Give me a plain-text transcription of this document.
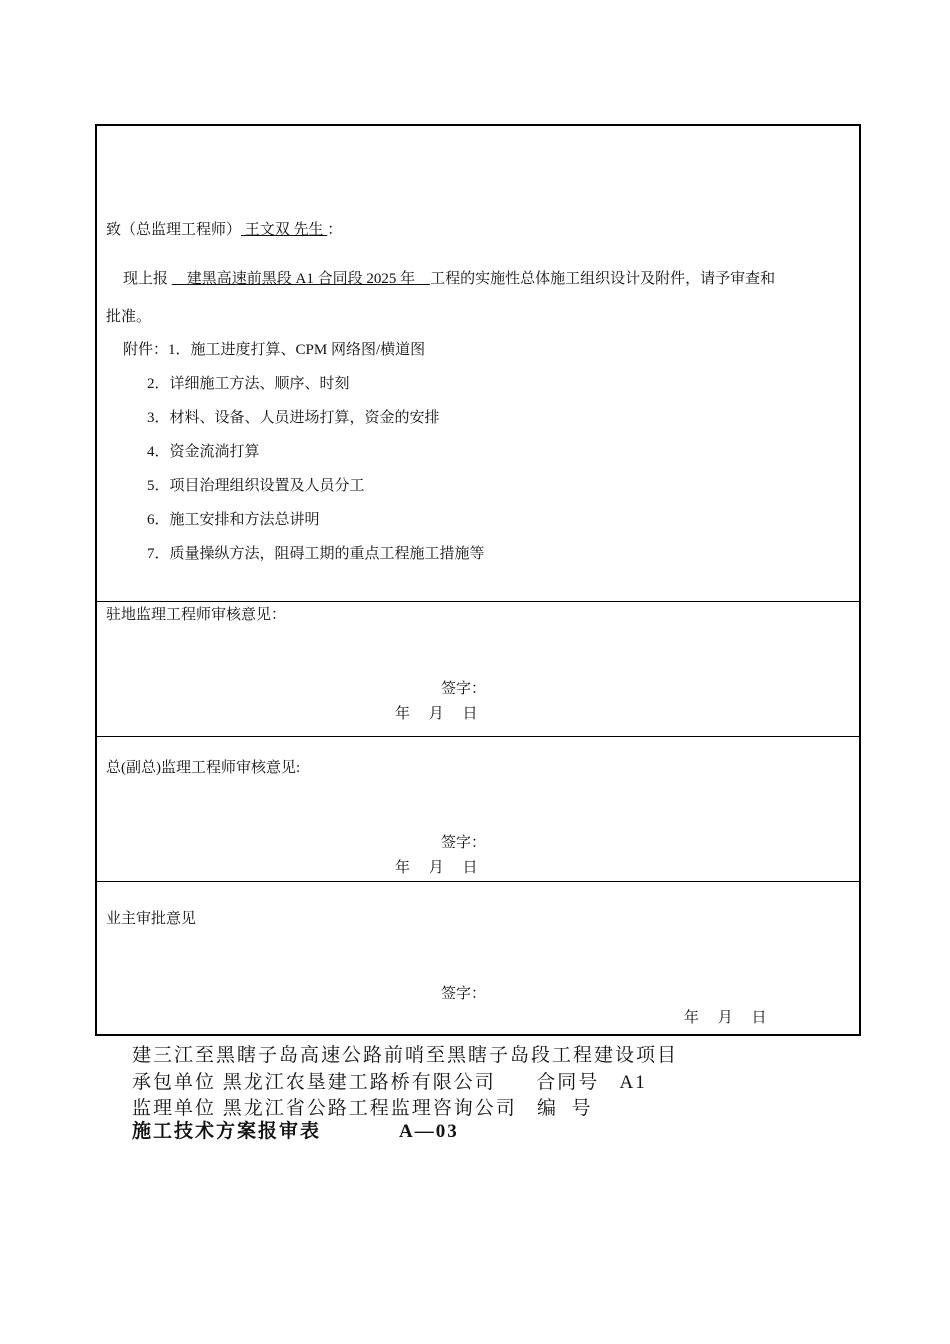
致（总监理工程师） 王文双 先生 ：
现上报     建黑高速前黑段 A1 合同段 2025 年    工程的实施性总体施工组织设计及附件，请予审查和
批准。
附件：1．施工进度打算、CPM 网络图/横道图
2．详细施工方法、顺序、时刻
3．材料、设备、人员进场打算，资金的安排
4．资金流淌打算
5．项目治理组织设置及人员分工
6．施工安排和方法总讲明
7．质量操纵方法，阻碍工期的重点工程施工措施等
驻地监理工程师审核意见：
签字：
年     月     日
总(副总)监理工程师审核意见:
签字：
年     月     日
业主审批意见
签字：
年     月     日
建三江至黑瞎子岛高速公路前哨至黑瞎子岛段工程建设项目
承包单位 黑龙江农垦建工路桥有限公司      合同号   A1
监理单位 黑龙江省公路工程监理咨询公司   编  号
施工技术方案报审表	A—03
